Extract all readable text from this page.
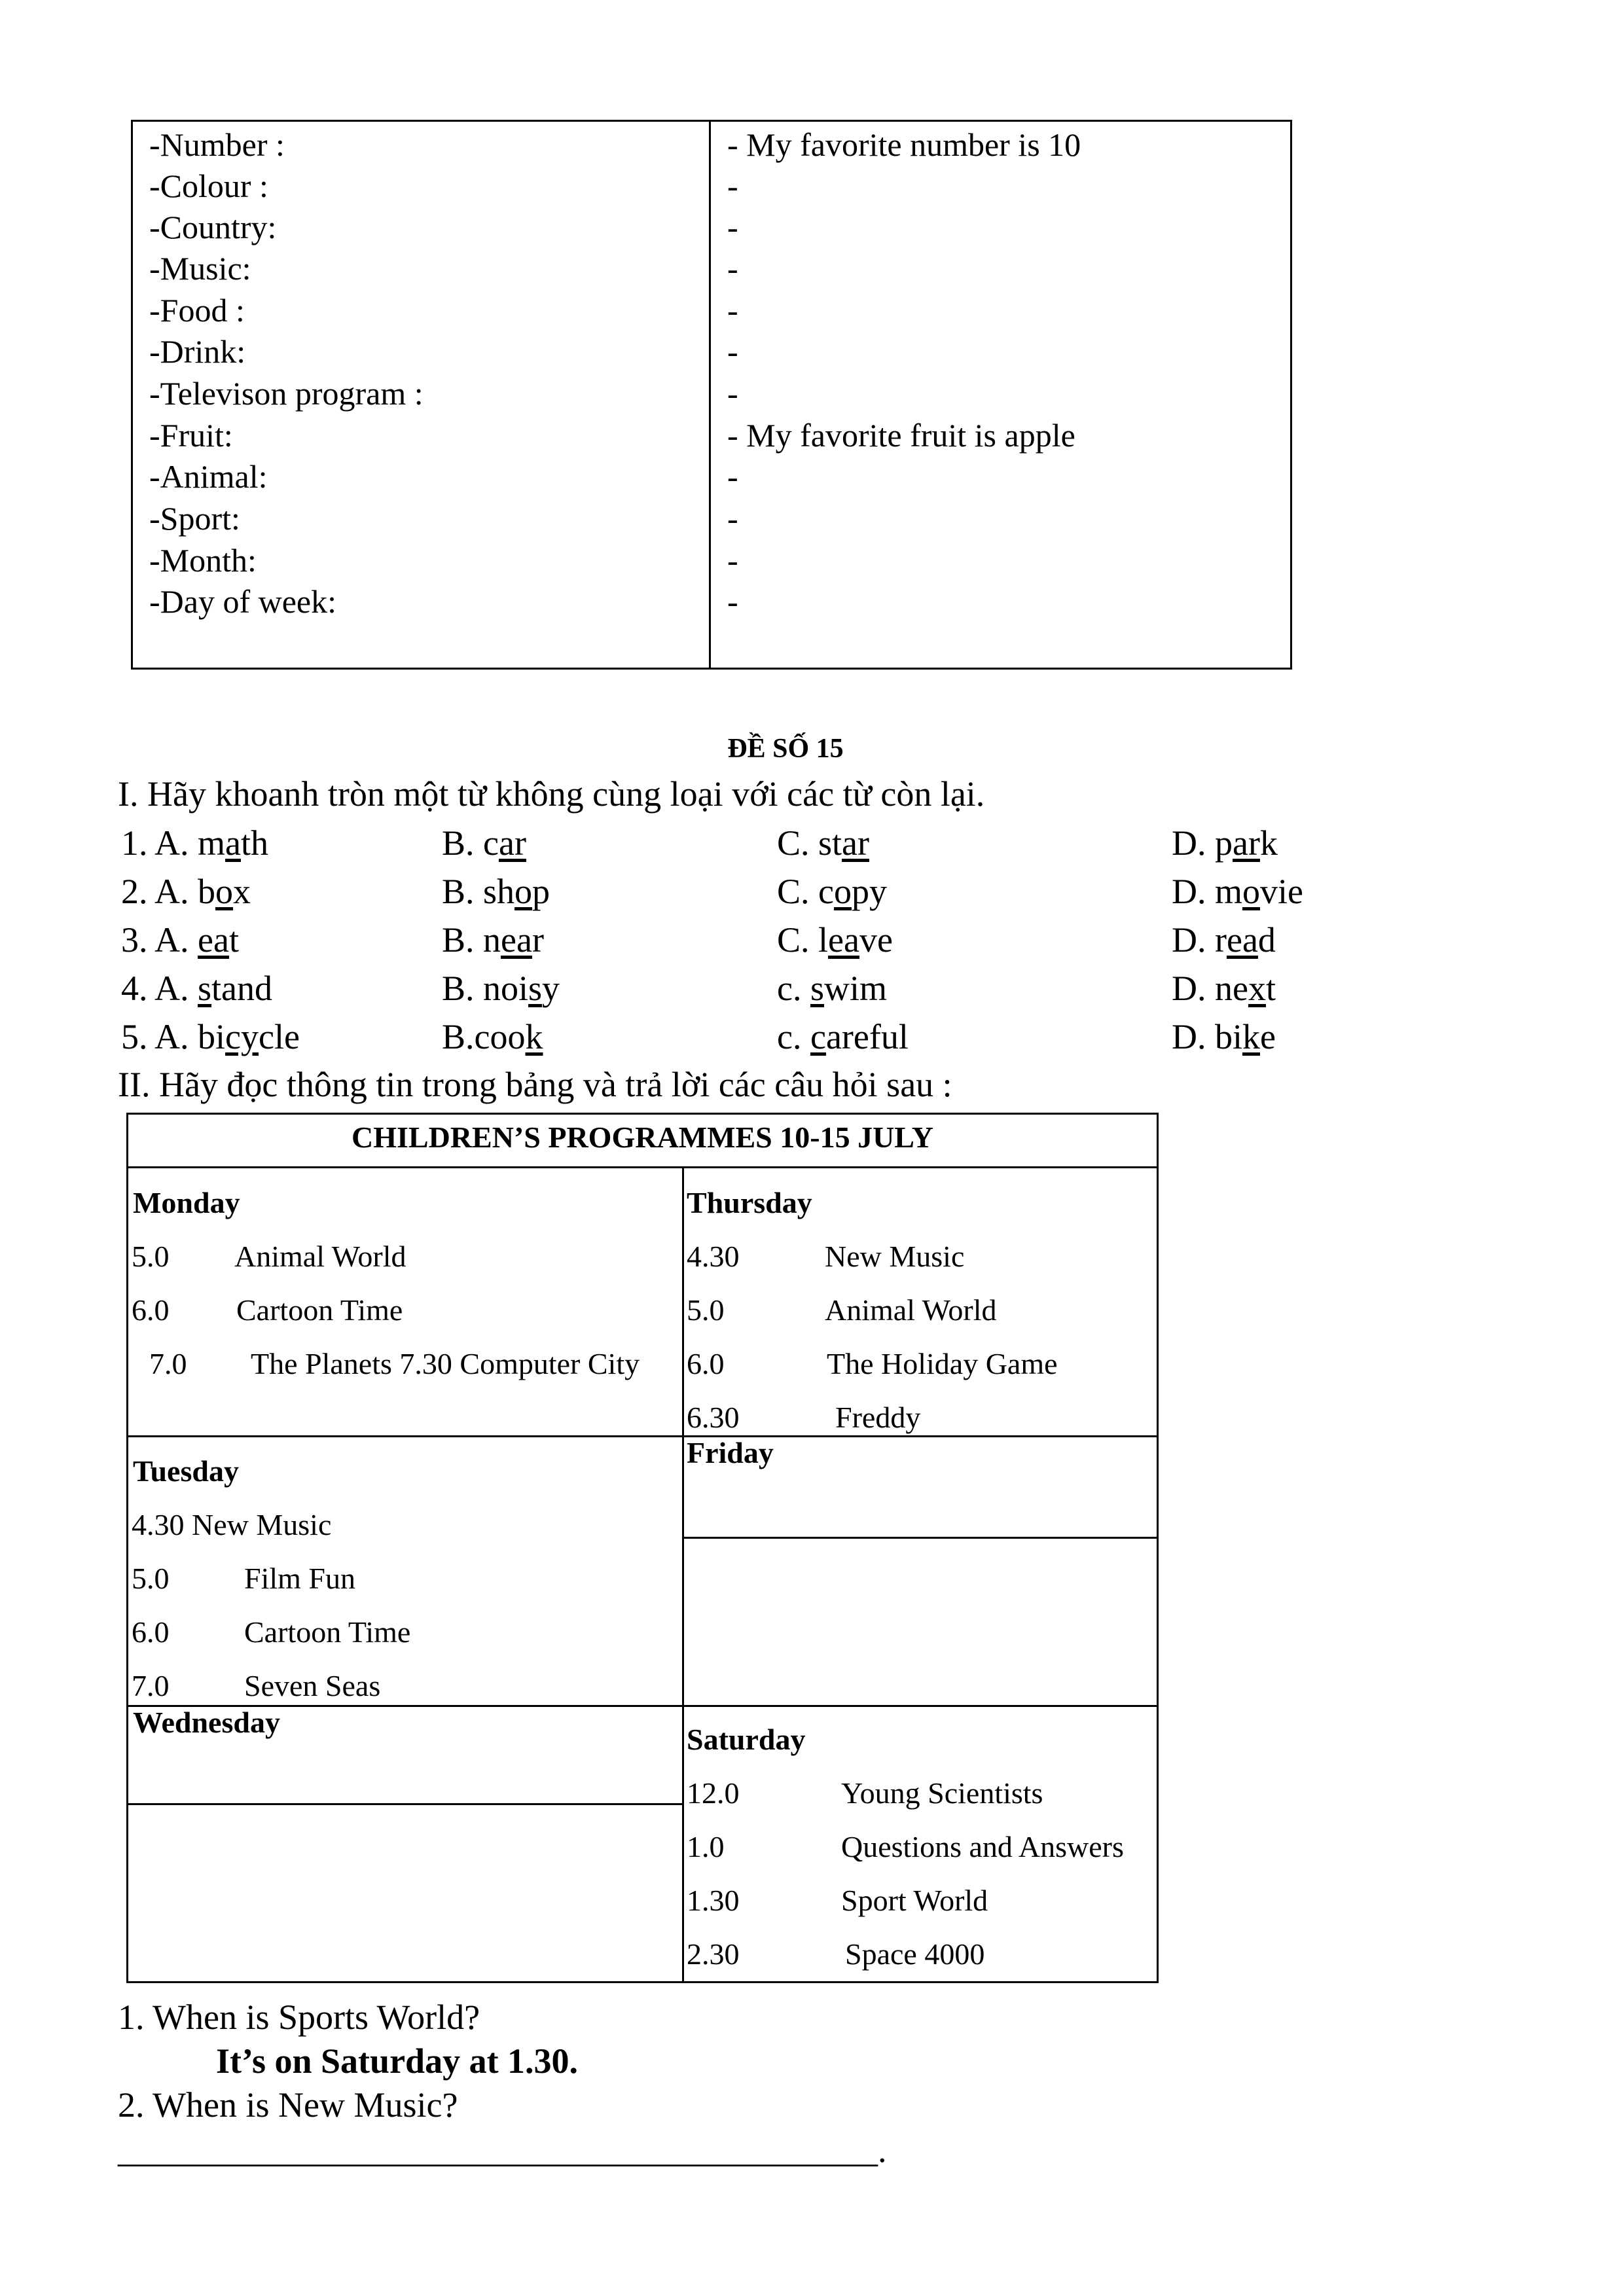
-Number :	- My favorite number is 10
-Colour :	-
-Country:	-
-Music:	-
-Food :	-
-Drink:	-
-Televison program :	-
-Fruit:	- My favorite fruit is apple
-Animal:	-
-Sport:	-
-Month:	-
-Day of week:	-
ĐỀ SỐ 15
I. Hãy khoanh tròn một từ không cùng loại với các từ còn lại.
1. A. math	B. car	C. star	D. park
2. A. box	B. shop	C. copy	D. movie
3. A. eat	B. near	C. leave	D. read
4. A. stand	B. noisy	c. swim	D. next
5. A. bicycle	B.cook	c. careful	D. bike
II. Hãy đọc thông tin trong bảng và trả lời các câu hỏi sau :
CHILDREN’S PROGRAMMES 10-15 JULY
Monday
5.0 Animal World
6.0 Cartoon Time
7.0 The Planets 7.30 Computer City
Tuesday
4.30 New Music
5.0 Film Fun
6.0 Cartoon Time
7.0 Seven Seas
Wednesday
Thursday
4.30	New Music
5.0	Animal World
6.0	The Holiday Game
6.30	Freddy
Friday
Saturday
12.0	Young Scientists
1.0	Questions and Answers
1.30	Sport World
2.30	Space 4000
1. When is Sports World?
It’s on Saturday at 1.30.
2. When is New Music?
___________________________________________.
